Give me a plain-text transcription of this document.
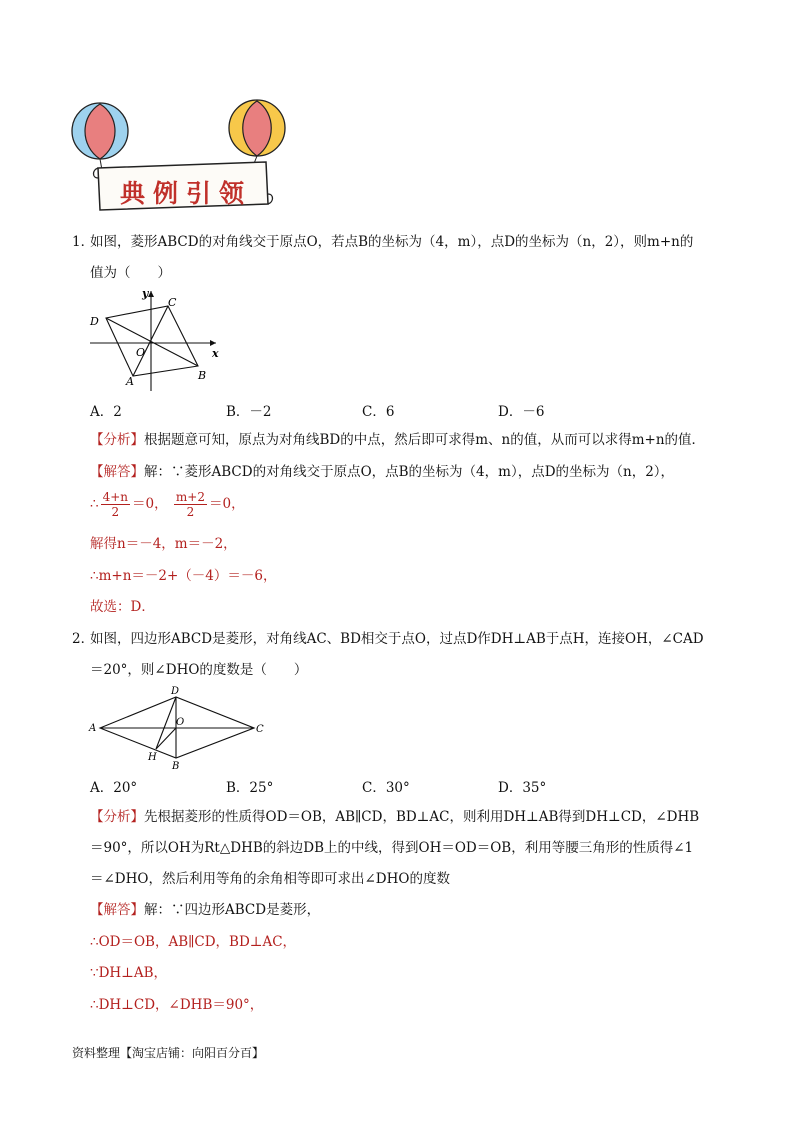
典例引领
1．
如图，菱形ABCD的对角线交于原点O，若点B的坐标为（4，m），点D的坐标为（n，2），则m+n的
值为（　　）
y
x
C
D
O
A	B
A．2	B．－2	C．6	D．－6
【分析】根据题意可知，原点为对角线BD的中点，然后即可求得m、n的值，从而可以求得m+n的值．
【解答】解：∵菱形ABCD的对角线交于原点O，点B的坐标为（4，m），点D的坐标为（n，2），
∴ $\frac{4+n}{2} =0$， $\frac{m+2}{2} =0$，
解得n＝－4，m＝－2，
∴m+n＝－2+（－4）＝－6，
故选：D．
2．
如图，四边形ABCD是菱形，对角线AC、BD相交于点O，过点D作DH⊥AB于点H，连接OH，∠CAD
＝20°，则∠DHO的度数是（　　）
D
A
O
C
H
B
A．20°	B．25°	C．30°	D．35°
【分析】先根据菱形的性质得OD＝OB，AB∥CD，BD⊥AC，则利用DH⊥AB得到DH⊥CD，∠DHB
＝90°，所以OH为Rt△DHB的斜边DB上的中线，得到OH＝OD＝OB，利用等腰三角形的性质得∠1
＝∠DHO，然后利用等角的余角相等即可求出∠DHO的度数
【解答】解：∵四边形ABCD是菱形，
∴OD＝OB，AB∥CD，BD⊥AC，
∵DH⊥AB，
∴DH⊥CD，∠DHB＝90°，
资料整理【淘宝店铺：向阳百分百】
